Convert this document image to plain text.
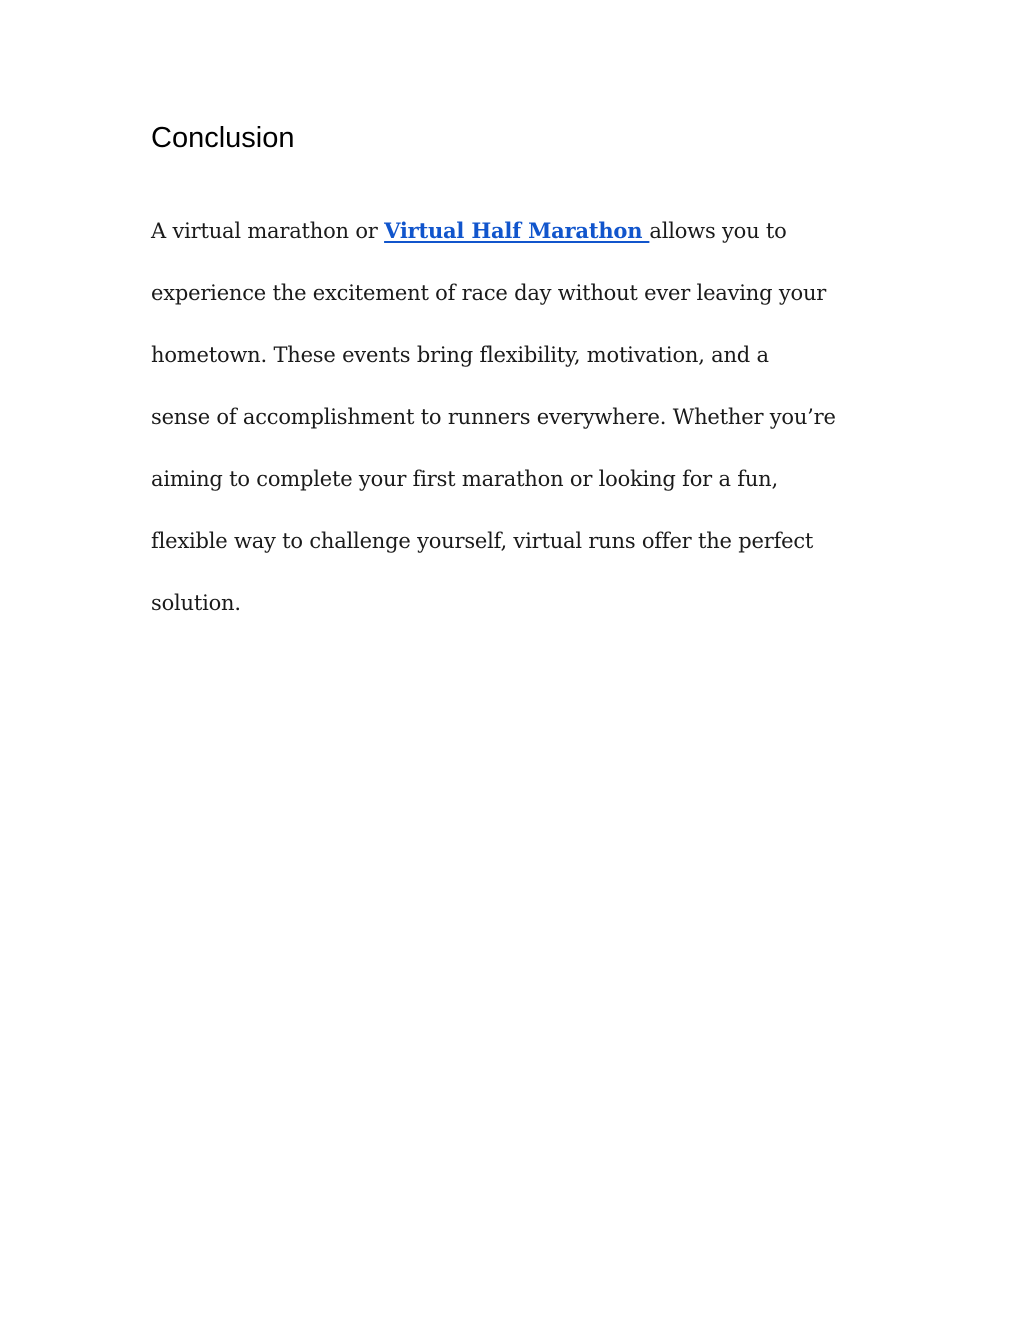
Conclusion
A virtual marathon or Virtual Half Marathon allows you to
experience the excitement of race day without ever leaving your
hometown. These events bring flexibility, motivation, and a
sense of accomplishment to runners everywhere. Whether you’re
aiming to complete your first marathon or looking for a fun,
flexible way to challenge yourself, virtual runs offer the perfect
solution.
